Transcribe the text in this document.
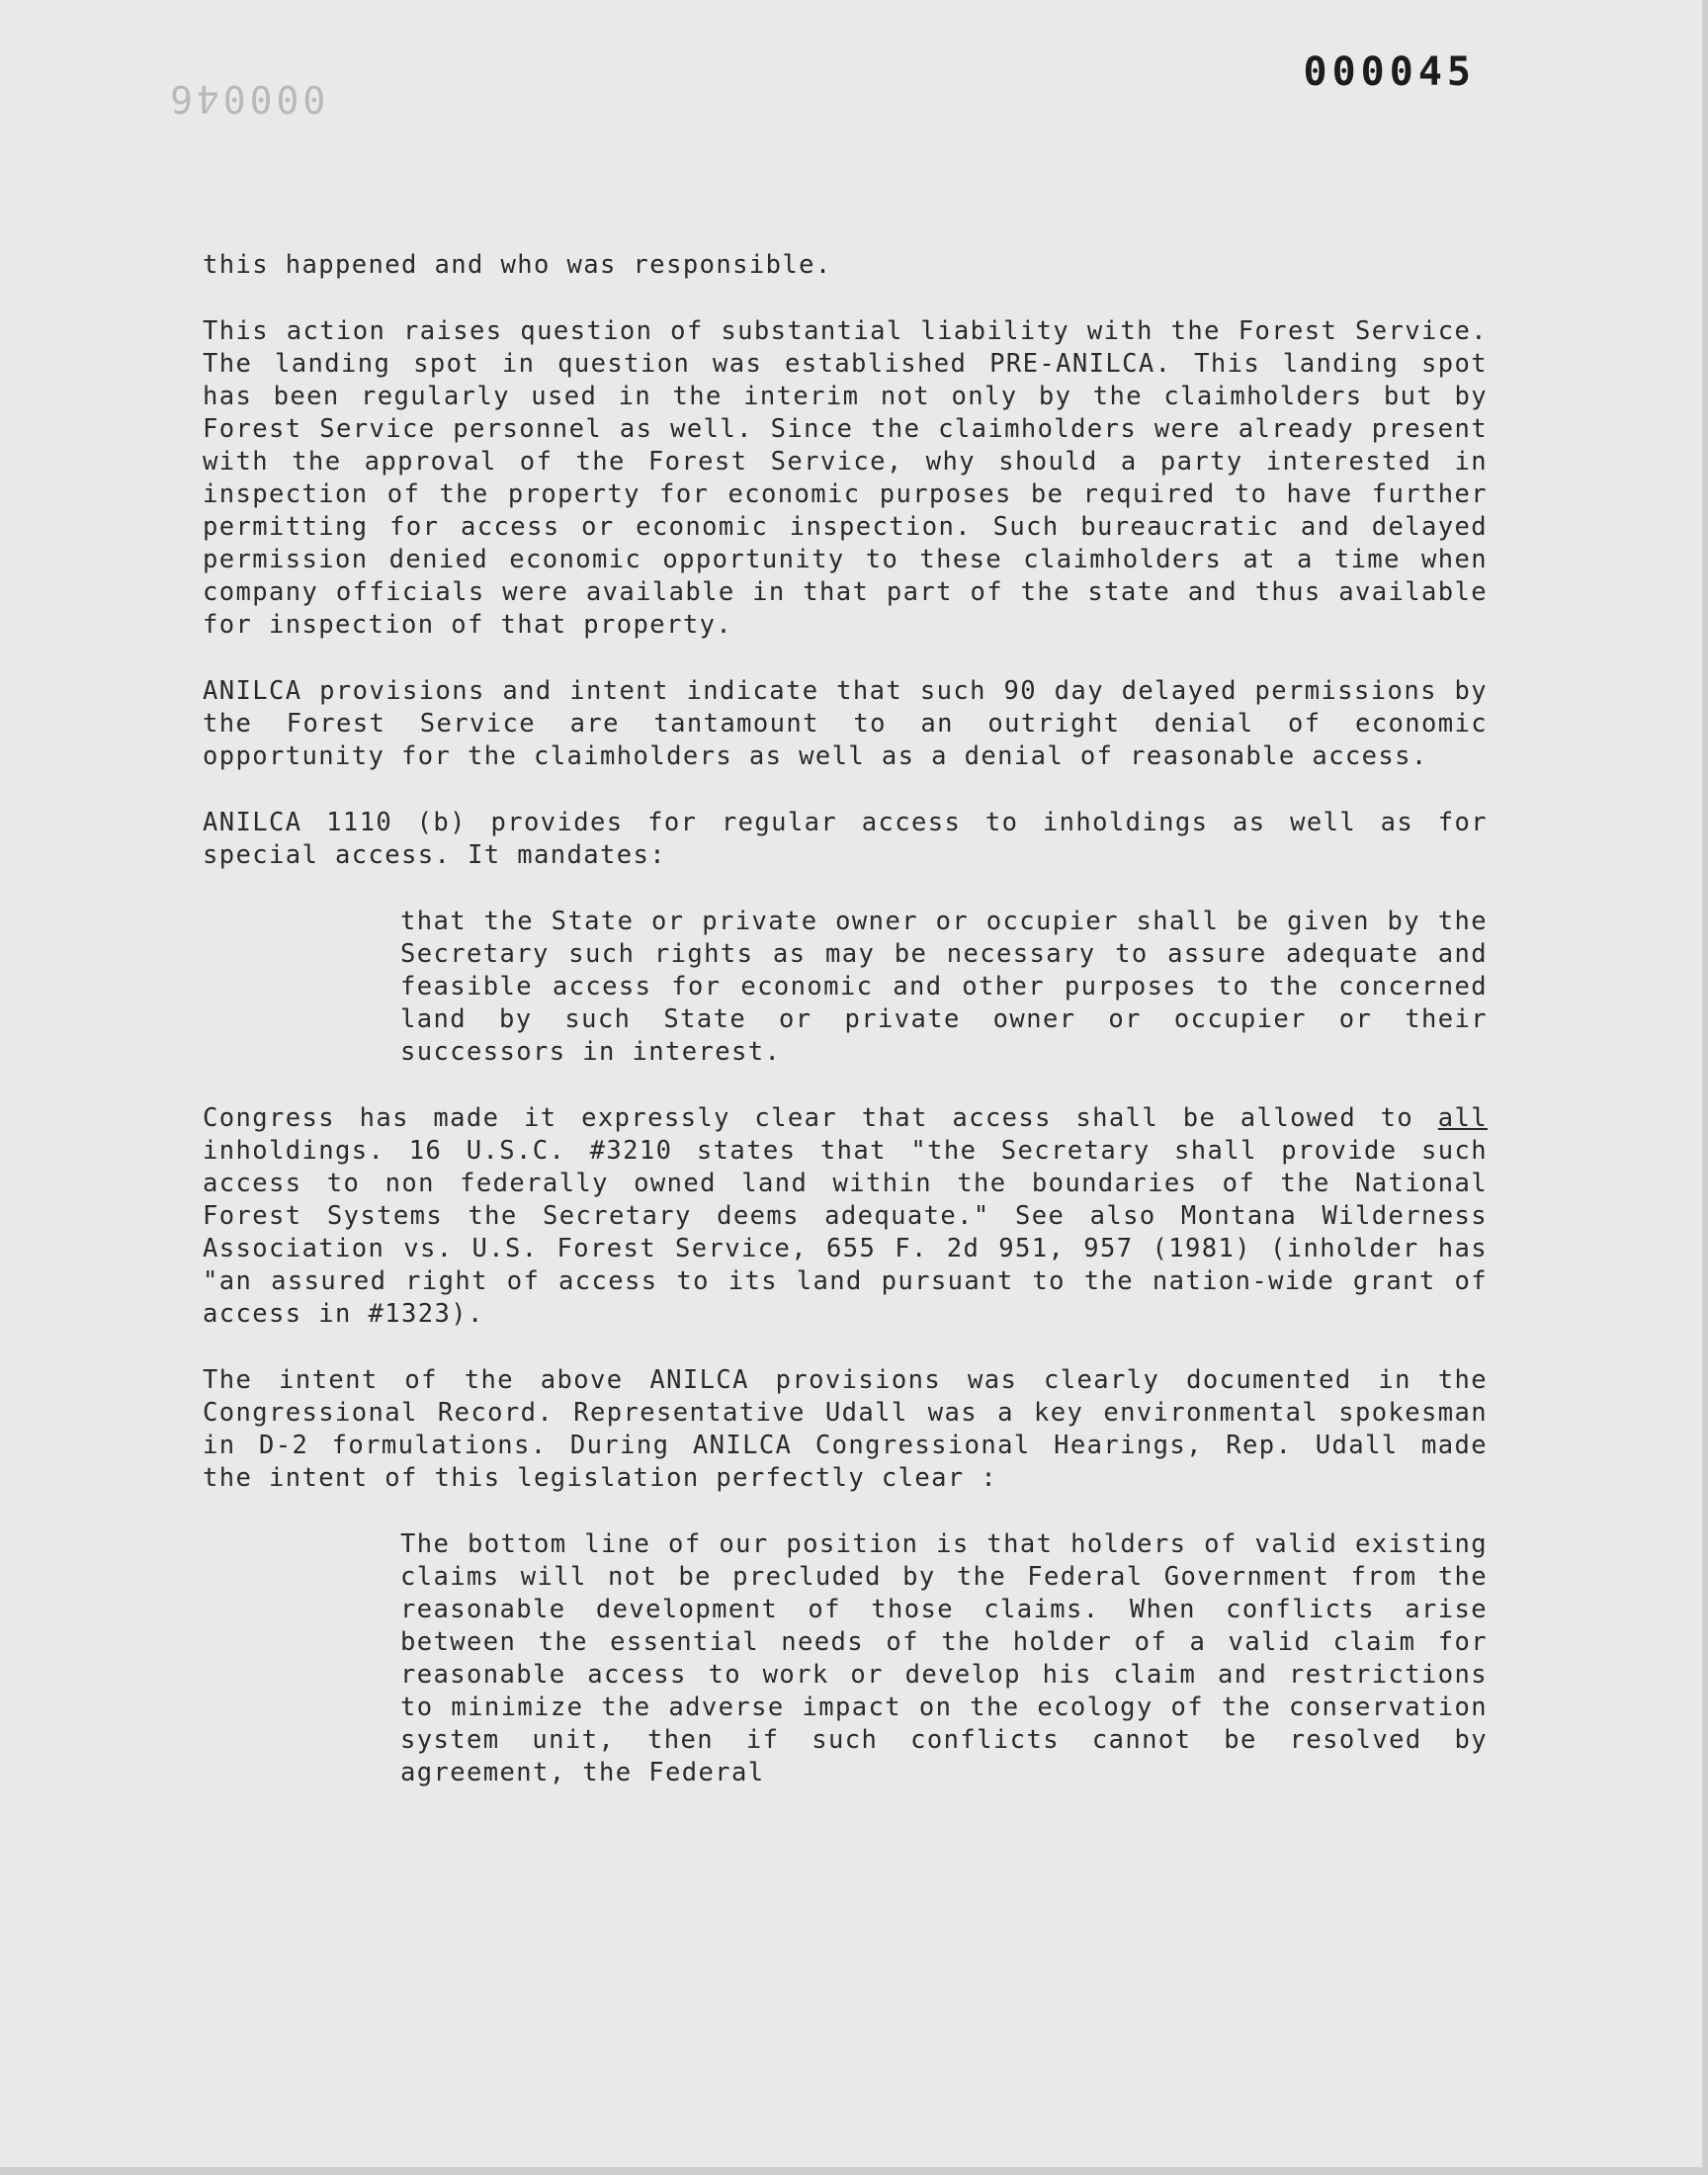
000045
000046

this happened and who was responsible.

This action raises question of substantial liability with the Forest Service. The landing spot in question was established PRE-ANILCA. This landing spot has been regularly used in the interim not only by the claimholders but by Forest Service personnel as well. Since the claimholders were already present with the approval of the Forest Service, why should a party interested in inspection of the property for economic purposes be required to have further permitting for access or economic inspection. Such bureaucratic and delayed permission denied economic opportunity to these claimholders at a time when company officials were available in that part of the state and thus available for inspection of that property.

ANILCA provisions and intent indicate that such 90 day delayed permissions by the Forest Service are tantamount to an outright denial of economic opportunity for the claimholders as well as a denial of reasonable access.

ANILCA 1110 (b) provides for regular access to inholdings as well as for special access. It mandates:

that the State or private owner or occupier shall be given by the Secretary such rights as may be necessary to assure adequate and feasible access for economic and other purposes to the concerned land by such State or private owner or occupier or their successors in interest.

Congress has made it expressly clear that access shall be allowed to all inholdings. 16 U.S.C. #3210 states that "the Secretary shall provide such access to non federally owned land within the boundaries of the National Forest Systems the Secretary deems adequate." See also Montana Wilderness Association vs. U.S. Forest Service, 655 F. 2d 951, 957 (1981) (inholder has "an assured right of access to its land pursuant to the nation-wide grant of access in #1323).

The intent of the above ANILCA provisions was clearly documented in the Congressional Record. Representative Udall was a key environmental spokesman in D-2 formulations. During ANILCA Congressional Hearings, Rep. Udall made the intent of this legislation perfectly clear :

The bottom line of our position is that holders of valid existing claims will not be precluded by the Federal Government from the reasonable development of those claims. When conflicts arise between the essential needs of the holder of a valid claim for reasonable access to work or develop his claim and restrictions to minimize the adverse impact on the ecology of the conservation system unit, then if such conflicts cannot be resolved by agreement, the Federal
